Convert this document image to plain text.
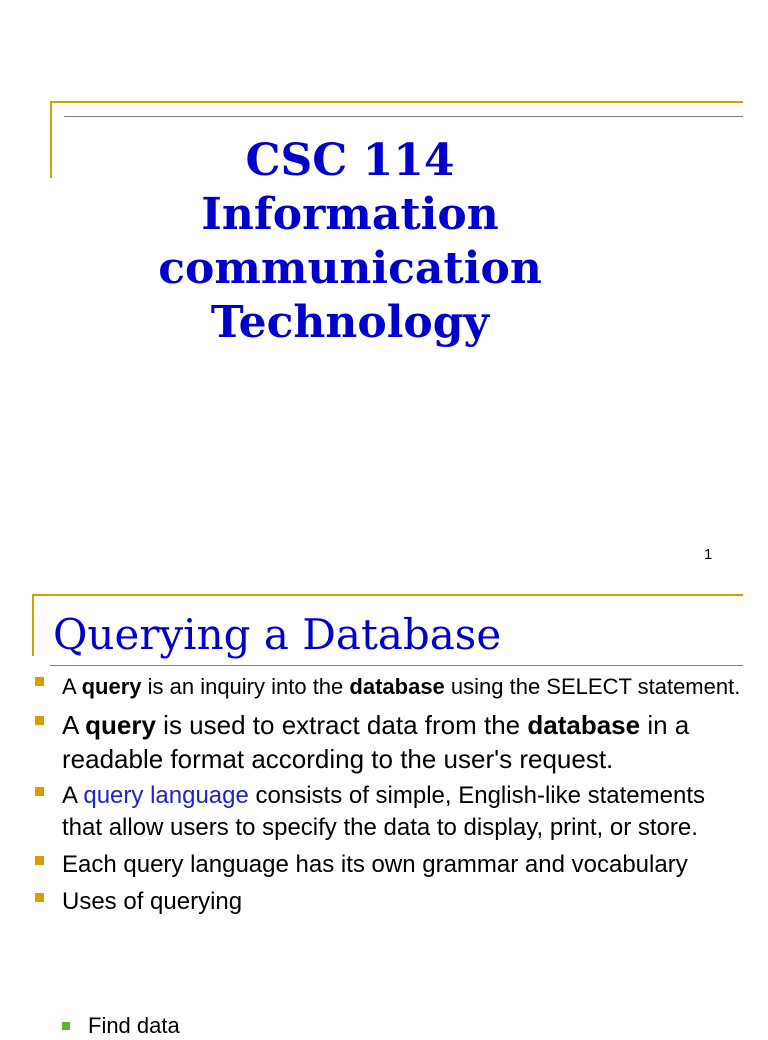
CSC 114
Information
communication
Technology
1
Querying a Database
A query is an inquiry into the database using the SELECT statement.
A query is used to extract data from the database in a readable format according to the user's request.
A query language consists of simple, English-like statements that allow users to specify the data to display, print, or store.
Each query language has its own grammar and vocabulary
Uses of querying
Find data
